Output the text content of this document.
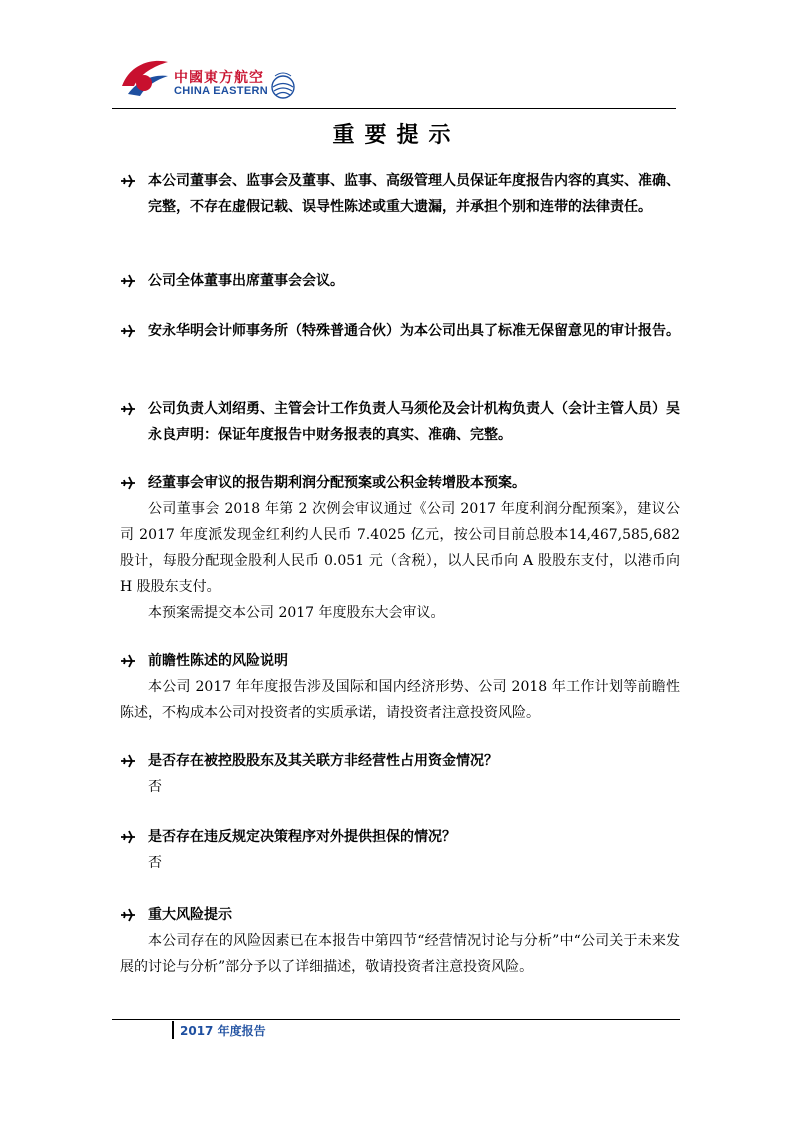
中國東方航空
CHINA EASTERN
重要提示
本公司董事会、监事会及董事、监事、高级管理人员保证年度报告内容的真实、准确、完整，不存在虚假记载、误导性陈述或重大遗漏，并承担个别和连带的法律责任。
公司全体董事出席董事会会议。
安永华明会计师事务所（特殊普通合伙）为本公司出具了标准无保留意见的审计报告。
公司负责人刘绍勇、主管会计工作负责人马须伦及会计机构负责人（会计主管人员）吴永良声明：保证年度报告中财务报表的真实、准确、完整。
经董事会审议的报告期利润分配预案或公积金转增股本预案。
公司董事会 2018 年第 2 次例会审议通过《公司 2017 年度利润分配预案》，建议公司 2017 年度派发现金红利约人民币 7.4025 亿元，按公司目前总股本14,467,585,682 股计，每股分配现金股利人民币 0.051 元（含税），以人民币向 A 股股东支付，以港币向 H 股股东支付。
本预案需提交本公司 2017 年度股东大会审议。
前瞻性陈述的风险说明
本公司 2017 年年度报告涉及国际和国内经济形势、公司 2018 年工作计划等前瞻性陈述，不构成本公司对投资者的实质承诺，请投资者注意投资风险。
是否存在被控股股东及其关联方非经营性占用资金情况？
否
是否存在违反规定决策程序对外提供担保的情况？
否
重大风险提示
本公司存在的风险因素已在本报告中第四节“经营情况讨论与分析”中“公司关于未来发展的讨论与分析”部分予以了详细描述，敬请投资者注意投资风险。
2017 年度报告
